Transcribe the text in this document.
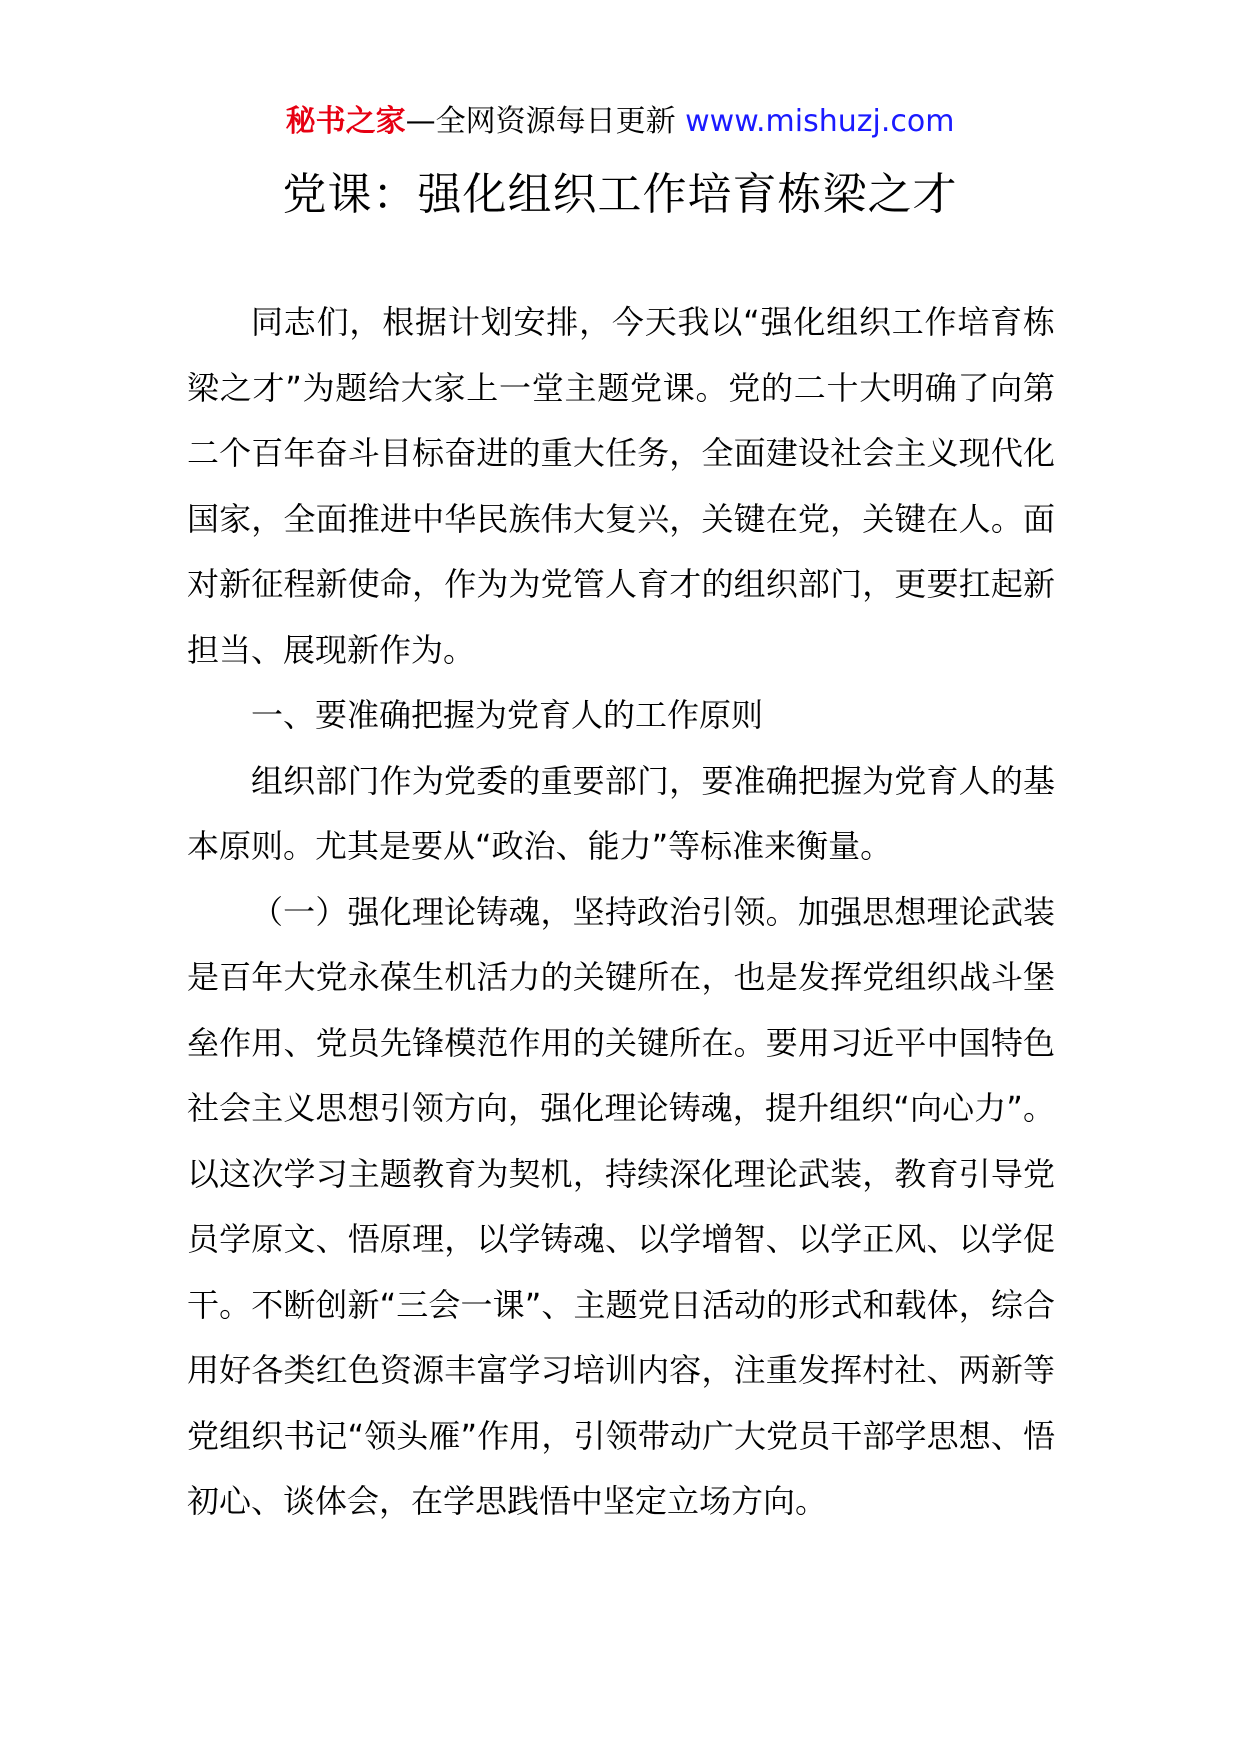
秘书之家—全网资源每日更新 www.mishuzj.com
党课：强化组织工作培育栋梁之才

同志们，根据计划安排，今天我以“强化组织工作培育栋梁之才”为题给大家上一堂主题党课。党的二十大明确了向第二个百年奋斗目标奋进的重大任务，全面建设社会主义现代化国家，全面推进中华民族伟大复兴，关键在党，关键在人。面对新征程新使命，作为为党管人育才的组织部门，更要扛起新担当、展现新作为。

一、要准确把握为党育人的工作原则

组织部门作为党委的重要部门，要准确把握为党育人的基本原则。尤其是要从“政治、能力”等标准来衡量。

（一）强化理论铸魂，坚持政治引领。加强思想理论武装是百年大党永葆生机活力的关键所在，也是发挥党组织战斗堡垒作用、党员先锋模范作用的关键所在。要用习近平中国特色社会主义思想引领方向，强化理论铸魂，提升组织“向心力”。以这次学习主题教育为契机，持续深化理论武装，教育引导党员学原文、悟原理，以学铸魂、以学增智、以学正风、以学促干。不断创新“三会一课”、主题党日活动的形式和载体，综合用好各类红色资源丰富学习培训内容，注重发挥村社、两新等党组织书记“领头雁”作用，引领带动广大党员干部学思想、悟初心、谈体会，在学思践悟中坚定立场方向。
